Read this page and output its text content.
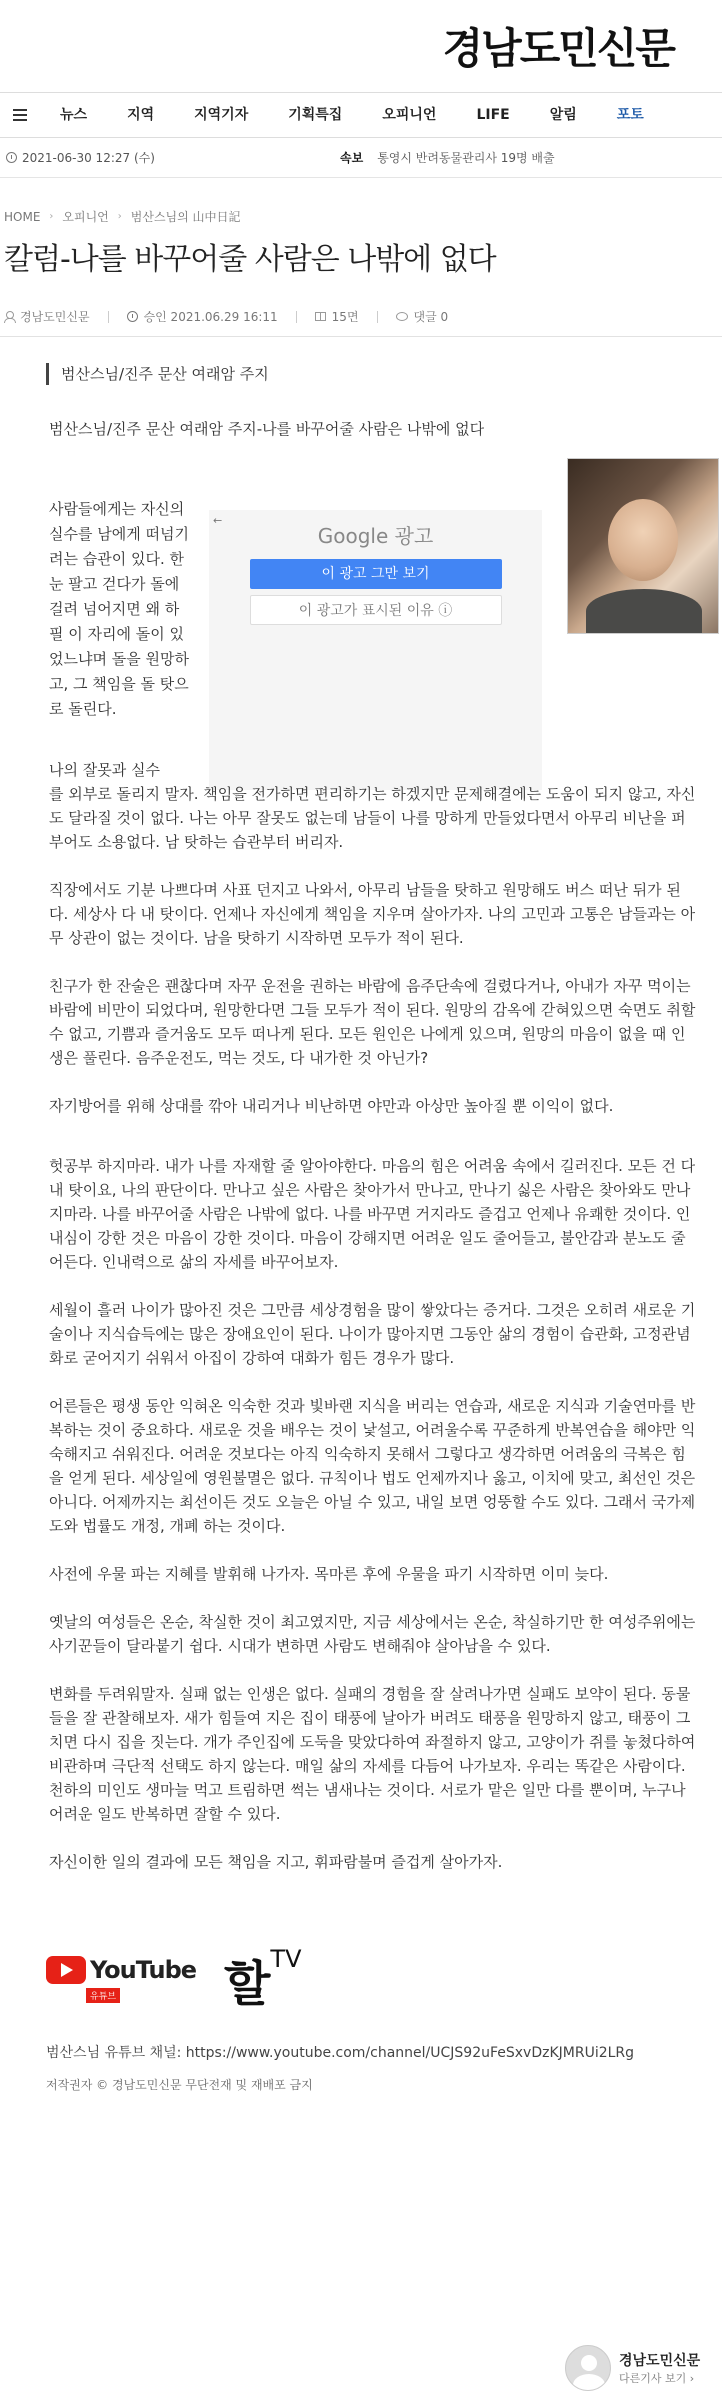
경남도민신문
뉴스	지역	지역기자	기획특집	오피니언	LIFE	알림	포토
2021-06-30 12:27 (수)	속보 통영시 반려동물관리사 19명 배출
HOME › 오피니언 › 범산스님의 山中日記
칼럼-나를 바꾸어줄 사람은 나밖에 없다
경남도민신문	승인 2021.06.29 16:11	15면	댓글 0
범산스님/진주 문산 여래암 주지
←
Google 광고
이 광고 그만 보기
이 광고가 표시된 이유 ⓘ

범산스님/진주 문산 여래암 주지-나를 바꾸어줄 사람은 나밖에 없다

사람들에게는 자신의 실수를 남에게 떠넘기려는 습관이 있다. 한 눈 팔고 걷다가 돌에 걸려 넘어지면 왜 하필 이 자리에 돌이 있었느냐며 돌을 원망하고, 그 책임을 돌 탓으로 돌린다.

나의 잘못과 실수
를 외부로 돌리지 말자. 책임을 전가하면 편리하기는 하겠지만 문제해결에는 도움이 되지 않고, 자신도 달라질 것이 없다. 나는 아무 잘못도 없는데 남들이 나를 망하게 만들었다면서 아무리 비난을 퍼부어도 소용없다. 남 탓하는 습관부터 버리자.

직장에서도 기분 나쁘다며 사표 던지고 나와서, 아무리 남들을 탓하고 원망해도 버스 떠난 뒤가 된다. 세상사 다 내 탓이다. 언제나 자신에게 책임을 지우며 살아가자. 나의 고민과 고통은 남들과는 아무 상관이 없는 것이다. 남을 탓하기 시작하면 모두가 적이 된다.

친구가 한 잔술은 괜찮다며 자꾸 운전을 권하는 바람에 음주단속에 걸렸다거나, 아내가 자꾸 먹이는 바람에 비만이 되었다며, 원망한다면 그들 모두가 적이 된다. 원망의 감옥에 갇혀있으면 숙면도 취할 수 없고, 기쁨과 즐거움도 모두 떠나게 된다. 모든 원인은 나에게 있으며, 원망의 마음이 없을 때 인생은 풀린다. 음주운전도, 먹는 것도, 다 내가한 것 아닌가?

자기방어를 위해 상대를 깎아 내리거나 비난하면 야만과 아상만 높아질 뿐 이익이 없다.

헛공부 하지마라. 내가 나를 자재할 줄 알아야한다. 마음의 힘은 어려움 속에서 길러진다. 모든 건 다 내 탓이요, 나의 판단이다. 만나고 싶은 사람은 찾아가서 만나고, 만나기 싫은 사람은 찾아와도 만나지마라. 나를 바꾸어줄 사람은 나밖에 없다. 나를 바꾸면 거지라도 즐겁고 언제나 유쾌한 것이다. 인내심이 강한 것은 마음이 강한 것이다. 마음이 강해지면 어려운 일도 줄어들고, 불안감과 분노도 줄어든다. 인내력으로 삶의 자세를 바꾸어보자.

세월이 흘러 나이가 많아진 것은 그만큼 세상경험을 많이 쌓았다는 증거다. 그것은 오히려 새로운 기술이나 지식습득에는 많은 장애요인이 된다. 나이가 많아지면 그동안 삶의 경험이 습관화, 고정관념화로 굳어지기 쉬워서 아집이 강하여 대화가 힘든 경우가 많다.

어른들은 평생 동안 익혀온 익숙한 것과 빛바랜 지식을 버리는 연습과, 새로운 지식과 기술연마를 반복하는 것이 중요하다. 새로운 것을 배우는 것이 낯설고, 어려울수록 꾸준하게 반복연습을 해야만 익숙해지고 쉬워진다. 어려운 것보다는 아직 익숙하지 못해서 그렇다고 생각하면 어려움의 극복은 힘을 얻게 된다. 세상일에 영원불멸은 없다. 규칙이나 법도 언제까지나 옳고, 이치에 맞고, 최선인 것은 아니다. 어제까지는 최선이든 것도 오늘은 아닐 수 있고, 내일 보면 엉뚱할 수도 있다. 그래서 국가제도와 법률도 개정, 개폐 하는 것이다.

사전에 우물 파는 지혜를 발휘해 나가자. 목마른 후에 우물을 파기 시작하면 이미 늦다.

옛날의 여성들은 온순, 착실한 것이 최고였지만, 지금 세상에서는 온순, 착실하기만 한 여성주위에는 사기꾼들이 달라붙기 쉽다. 시대가 변하면 사람도 변해줘야 살아남을 수 있다.

변화를 두려워말자. 실패 없는 인생은 없다. 실패의 경험을 잘 살려나가면 실패도 보약이 된다. 동물들을 잘 관찰해보자. 새가 힘들여 지은 집이 태풍에 날아가 버려도 태풍을 원망하지 않고, 태풍이 그치면 다시 집을 짓는다. 개가 주인집에 도둑을 맞았다하여 좌절하지 않고, 고양이가 쥐를 놓쳤다하여 비관하며 극단적 선택도 하지 않는다. 매일 삶의 자세를 다듬어 나가보자. 우리는 똑같은 사람이다. 천하의 미인도 생마늘 먹고 트림하면 썩는 냄새나는 것이다. 서로가 맡은 일만 다를 뿐이며, 누구나 어려운 일도 반복하면 잘할 수 있다.

자신이한 일의 결과에 모든 책임을 지고, 휘파람불며 즐겁게 살아가자.

YouTube
유튜브	할TV

범산스님 유튜브 채널: https://www.youtube.com/channel/UCJS92uFeSxvDzKJMRUi2LRg

저작권자 © 경남도민신문 무단전재 및 재배포 금지

경남도민신문
다른기사 보기 ›
